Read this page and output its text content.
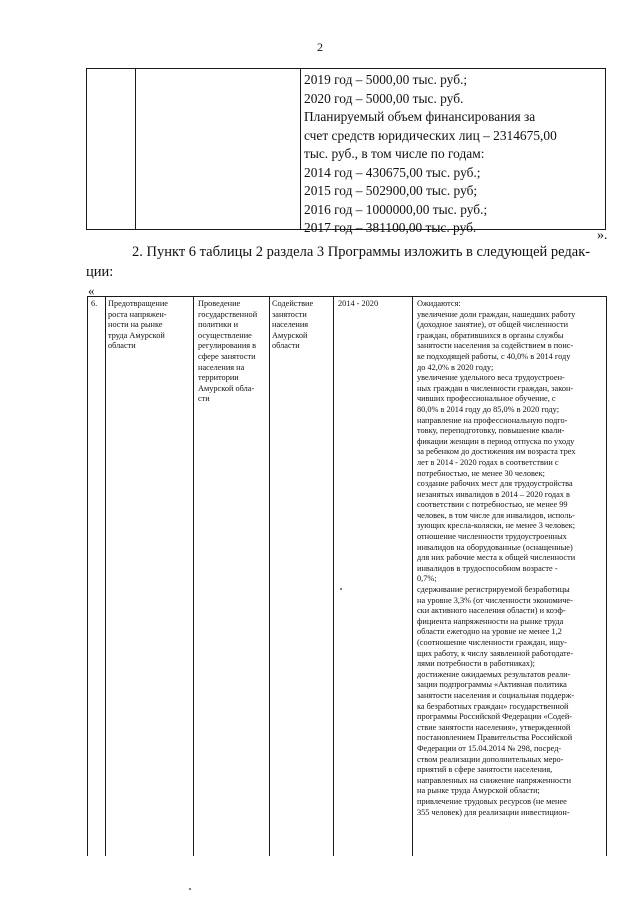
2
2019 год – 5000,00 тыс. руб.;
2020 год – 5000,00 тыс. руб.
Планируемый объем финансирования за
счет средств юридических лиц – 2314675,00
тыс. руб., в том числе по годам:
2014 год – 430675,00 тыс. руб.;
2015 год – 502900,00 тыс. руб;
2016 год – 1000000,00 тыс. руб.;
2017 год – 381100,00 тыс. руб.
».
2. Пункт 6 таблицы 2 раздела 3 Программы изложить в следующей редак-
ции:
«
6.	Предотвращение
роста напряжен-
ности на рынке
труда Амурской
области
Проведение
государственной
политики и
осуществление
регулирования в
сфере занятости
населения на
территории
Амурской обла-
сти
Содействие
занятости
населения
Амурской
области
2014 - 2020	Ожидаются:
увеличение доли граждан, нашедших работу
(доходное занятие), от общей численности
граждан, обратившихся в органы службы
занятости населения за содействием в поис-
ке подходящей работы, с 40,0% в 2014 году
до 42,0% в 2020 году;
увеличение удельного веса трудоустроен-
ных граждан в численности граждан, закон-
чивших профессиональное обучение, с
80,0% в 2014 году до 85,0% в 2020 году;
направление на профессиональную подго-
товку, переподготовку, повышение квали-
фикации женщин в период отпуска по уходу
за ребенком до достижения им возраста трех
лет в 2014 - 2020 годах в соответствии с
потребностью, не менее 30 человек;
создание рабочих мест для трудоустройства
незанятых инвалидов в 2014 – 2020 годах в
соответствии с потребностью, не менее 99
человек, в том числе для инвалидов, исполь-
зующих кресла-коляски, не менее 3 человек;
отношение численности трудоустроенных
инвалидов на оборудованные (оснащенные)
для них рабочие места к общей численности
инвалидов в трудоспособном возрасте -
0,7%;
сдерживание регистрируемой безработицы
на уровне 3,3% (от численности экономиче-
ски активного населения области) и коэф-
фициента напряженности на рынке труда
области ежегодно на уровне не менее 1,2
(соотношение численности граждан, ищу-
щих работу, к числу заявленной работодате-
лями потребности в работниках);
достижение ожидаемых результатов реали-
зации подпрограммы «Активная политика
занятости населения и социальная поддерж-
ка безработных граждан» государственной
программы Российской Федерации «Содей-
ствие занятости населения», утвержденной
постановлением Правительства Российской
Федерации от 15.04.2014 № 298, посред-
ством реализации дополнительных меро-
приятий в сфере занятости населения,
направленных на снижение напряженности
на рынке труда Амурской области;
привлечение трудовых ресурсов (не менее
355 человек) для реализации инвестицион-
